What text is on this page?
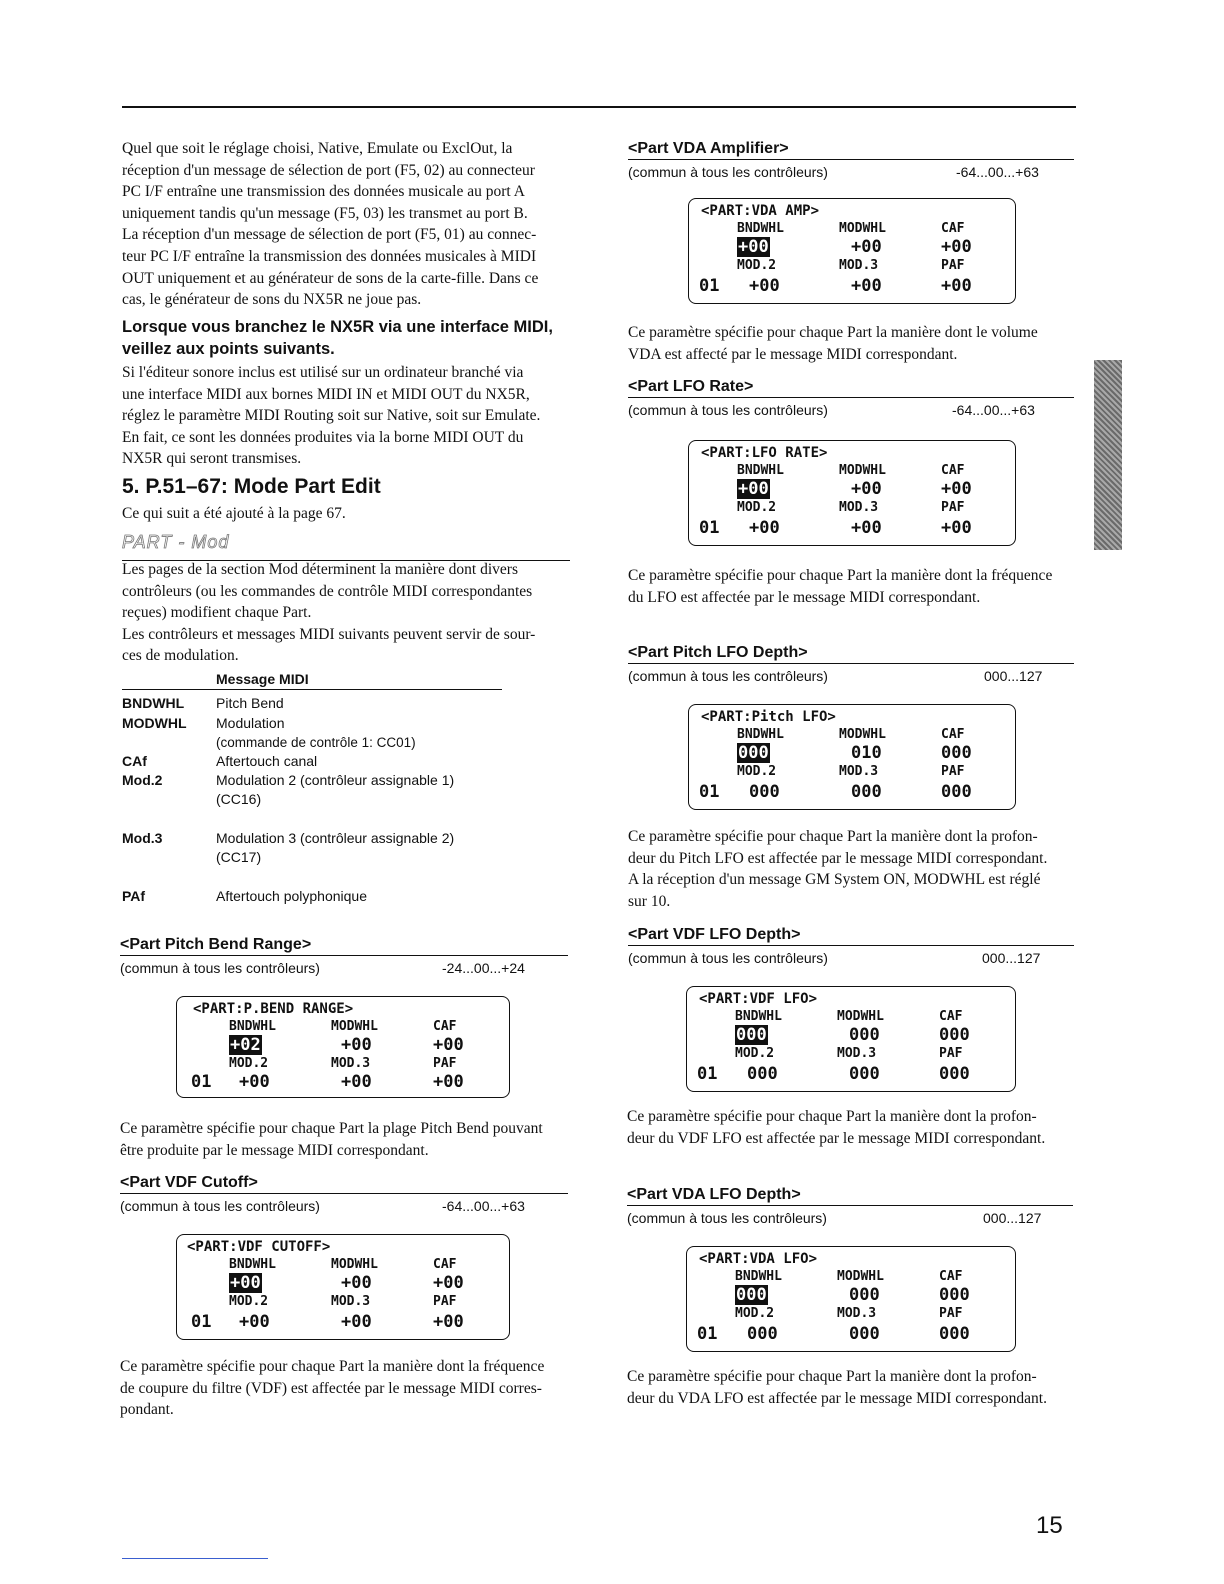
Quel que soit le réglage choisi, Native, Emulate ou ExclOut, la
réception d'un message de sélection de port (F5, 02) au connecteur
PC I/F entraîne une transmission des données musicale au port A
uniquement tandis qu'un message (F5, 03) les transmet au port B.
La réception d'un message de sélection de port (F5, 01) au connec-
teur PC I/F entraîne la transmission des données musicales à MIDI
OUT uniquement et au générateur de sons de la carte-fille. Dans ce
cas, le générateur de sons du NX5R ne joue pas.
Lorsque vous branchez le NX5R via une interface MIDI,
veillez aux points suivants.
Si l'éditeur sonore inclus est utilisé sur un ordinateur branché via
une interface MIDI aux bornes MIDI IN et MIDI OUT du NX5R,
réglez le paramètre MIDI Routing soit sur Native, soit sur Emulate.
En fait, ce sont les données produites via la borne MIDI OUT du
NX5R qui seront transmises.
5. P.51–67: Mode Part Edit
Ce qui suit a été ajouté à la page 67.
PART - Mod
Les pages de la section Mod déterminent la manière dont divers
contrôleurs (ou les commandes de contrôle MIDI correspondantes
reçues) modifient chaque Part.
Les contrôleurs et messages MIDI suivants peuvent servir de sour-
ces de modulation.
Message MIDI
BNDWHL	Pitch Bend
MODWHL	Modulation
(commande de contrôle 1: CC01)

CAf	Aftertouch canal
Mod.2	Modulation 2 (contrôleur assignable 1)
(CC16)

Mod.3	Modulation 3 (contrôleur assignable 2)
(CC17)

PAf	Aftertouch polyphonique
<Part Pitch Bend Range>
(commun à tous les contrôleurs)	-24...00...+24
<PART:P.BEND RANGE>
BNDWHL	MODWHL	CAF
+02	+00	+00
MOD.2	MOD.3	PAF
01 +00	+00	+00
Ce paramètre spécifie pour chaque Part la plage Pitch Bend pouvant
être produite par le message MIDI correspondant.
<Part VDF Cutoff>
(commun à tous les contrôleurs)	-64...00...+63
<PART:VDF CUTOFF>
BNDWHL	MODWHL	CAF
+00	+00	+00
MOD.2	MOD.3	PAF
01 +00	+00	+00
Ce paramètre spécifie pour chaque Part la manière dont la fréquence
de coupure du filtre (VDF) est affectée par le message MIDI corres-
pondant.
<Part VDA Amplifier>
(commun à tous les contrôleurs)	-64...00...+63
<PART:VDA AMP>
BNDWHL	MODWHL	CAF
+00	+00	+00
MOD.2	MOD.3	PAF
01 +00	+00	+00
Ce paramètre spécifie pour chaque Part la manière dont le volume
VDA est affecté par le message MIDI correspondant.
<Part LFO Rate>
(commun à tous les contrôleurs)	-64...00...+63
<PART:LFO RATE>
BNDWHL	MODWHL	CAF
+00	+00	+00
MOD.2	MOD.3	PAF
01 +00	+00	+00
Ce paramètre spécifie pour chaque Part la manière dont la fréquence
du LFO est affectée par le message MIDI correspondant.
<Part Pitch LFO Depth>
(commun à tous les contrôleurs)	000...127
<PART:Pitch LFO>
BNDWHL	MODWHL	CAF
000	010	000
MOD.2	MOD.3	PAF
01 000	000	000
Ce paramètre spécifie pour chaque Part la manière dont la profon-
deur du Pitch LFO est affectée par le message MIDI correspondant.
A la réception d'un message GM System ON, MODWHL est réglé
sur 10.
<Part VDF LFO Depth>
(commun à tous les contrôleurs)	000...127
<PART:VDF LFO>
BNDWHL	MODWHL	CAF
000	000	000
MOD.2	MOD.3	PAF
01 000	000	000
Ce paramètre spécifie pour chaque Part la manière dont la profon-
deur du VDF LFO est affectée par le message MIDI correspondant.
<Part VDA LFO Depth>
(commun à tous les contrôleurs)	000...127
<PART:VDA LFO>
BNDWHL	MODWHL	CAF
000	000	000
MOD.2	MOD.3	PAF
01 000	000	000
Ce paramètre spécifie pour chaque Part la manière dont la profon-
deur du VDA LFO est affectée par le message MIDI correspondant.
15
